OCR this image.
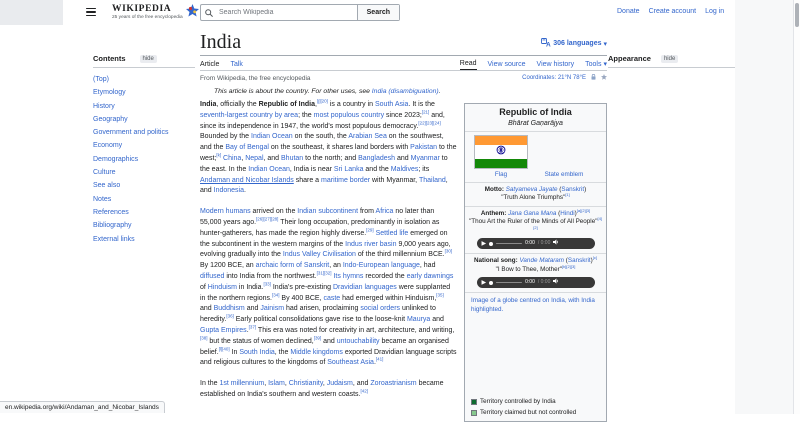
WIKIPEDIA
25 years of the free encyclopedia
Search Wikipedia
Search	Donate Create account Log in
Contents	hide
(Top)
Etymology
History
Geography
Government and politics
Economy
Demographics
Culture
See also
Notes
References
Bibliography
External links
Appearance	hide
India	A 306 languages ▾
Article Talk	Read View source View history Tools ▾
From Wikipedia, the free encyclopedia	Coordinates: 21°N 78°E
This article is about the country. For other uses, see India (disambiguation).
Republic of India
Bhārat Gaṇarājya
Flag	State emblem
Motto: Satyameva Jayate (Sanskrit)
"Truth Alone Triumphs"[1]
Anthem: Jana Gana Mana (Hindi)[a][2][3]
"Thou Art the Ruler of the Minds of All People"[4][2]
▶	0:00 / 0:00
National song: Vande Mataram (Sanskrit)[c]
"I Bow to Thee, Mother"[b][2][3]
▶	0:00 / 0:00
Image of a globe centred on India, with India highlighted.
Territory controlled by India
Territory claimed but not controlled

India, officially the Republic of India,[j][20] is a country in South Asia. It is the seventh-largest country by area; the most populous country since 2023;[21] and, since its independence in 1947, the world's most populous democracy.[22][23][24] Bounded by the Indian Ocean on the south, the Arabian Sea on the southwest, and the Bay of Bengal on the southeast, it shares land borders with Pakistan to the west;[k] China, Nepal, and Bhutan to the north; and Bangladesh and Myanmar to the east. In the Indian Ocean, India is near Sri Lanka and the Maldives; its Andaman and Nicobar Islands share a maritime border with Myanmar, Thailand, and Indonesia.

Modern humans arrived on the Indian subcontinent from Africa no later than 55,000 years ago.[26][27][28] Their long occupation, predominantly in isolation as hunter-gatherers, has made the region highly diverse.[29] Settled life emerged on the subcontinent in the western margins of the Indus river basin 9,000 years ago, evolving gradually into the Indus Valley Civilisation of the third millennium BCE.[30] By 1200 BCE, an archaic form of Sanskrit, an Indo-European language, had diffused into India from the northwest.[31][32] Its hymns recorded the early dawnings of Hinduism in India.[33] India's pre-existing Dravidian languages were supplanted in the northern regions.[34] By 400 BCE, caste had emerged within Hinduism,[35] and Buddhism and Jainism had arisen, proclaiming social orders unlinked to heredity.[36] Early political consolidations gave rise to the loose-knit Maurya and Gupta Empires.[37] This era was noted for creativity in art, architecture, and writing,[38] but the status of women declined,[39] and untouchability became an organised belief.[l][40] In South India, the Middle kingdoms exported Dravidian language scripts and religious cultures to the kingdoms of Southeast Asia.[41]

In the 1st millennium, Islam, Christianity, Judaism, and Zoroastrianism became established on India's southern and western coasts.[42]

en.wikipedia.org/wiki/Andaman_and_Nicobar_Islands
